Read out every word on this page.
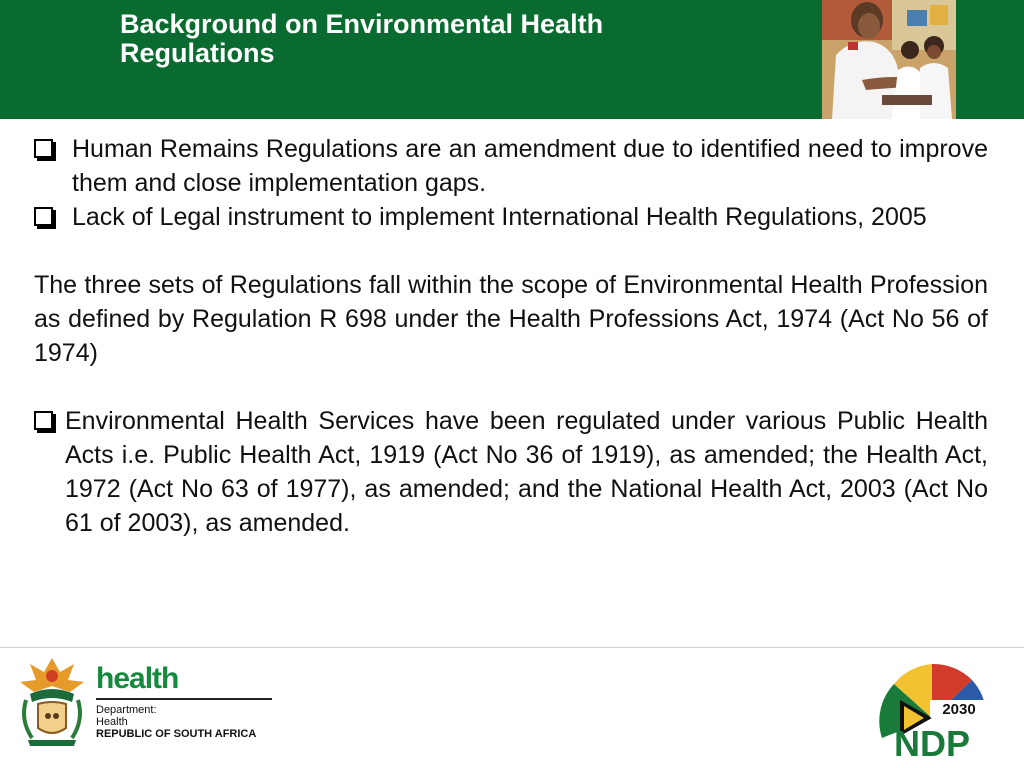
Background on Environmental Health Regulations
Human Remains Regulations are an amendment due to identified need to improve them and close implementation gaps.
Lack of Legal instrument to implement International Health Regulations, 2005
The three sets of Regulations fall within the scope of Environmental Health Profession as defined by Regulation R 698 under the Health Professions Act, 1974 (Act No 56 of 1974)
Environmental Health Services have been regulated under various Public Health Acts i.e. Public Health Act, 1919 (Act No 36 of 1919), as amended; the Health Act, 1972 (Act No 63 of 1977), as amended; and the National Health Act, 2003 (Act No 61 of 2003), as amended.
health
Department:
Health
REPUBLIC OF SOUTH AFRICA
2030
NDP
